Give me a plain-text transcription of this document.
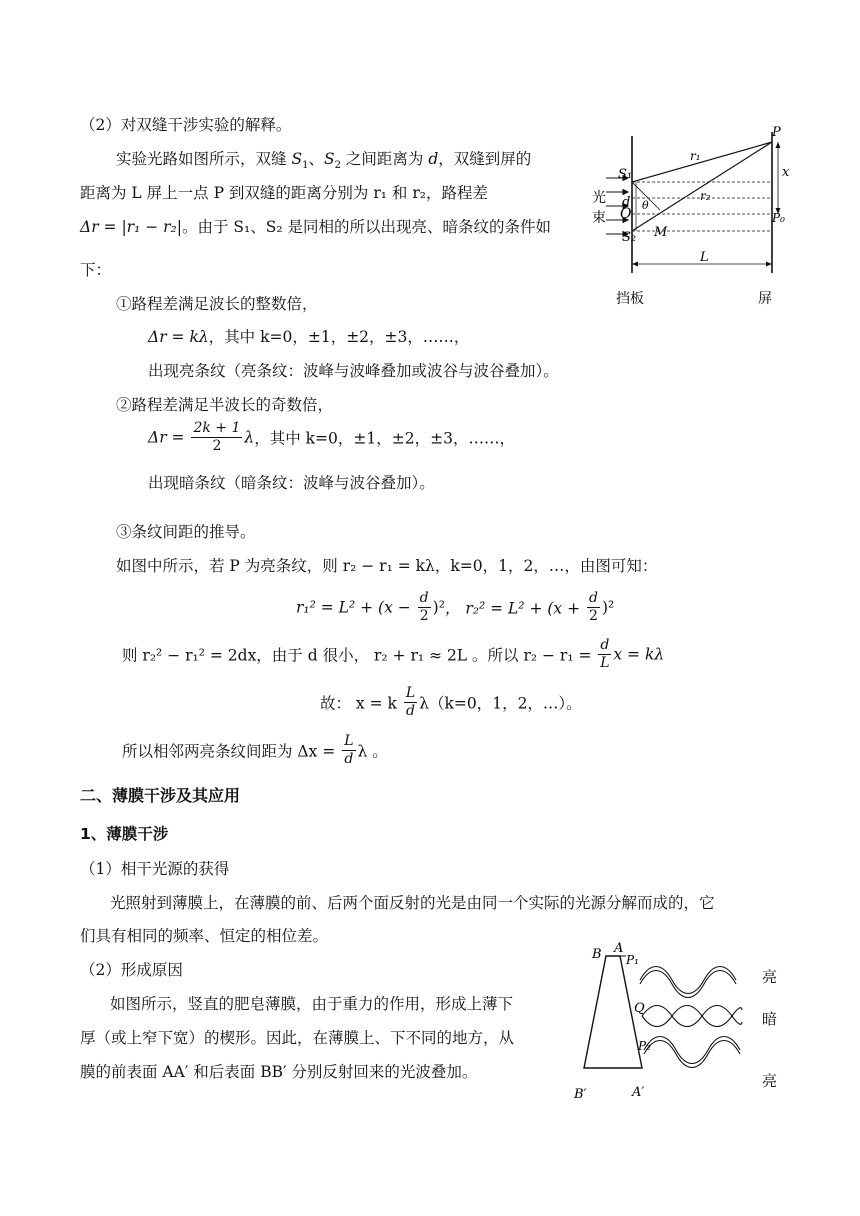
（2）对双缝干涉实验的解释。
实验光路如图所示，双缝 $S_1$、$S_2$ 之间距离为 d，双缝到屏的
距离为 L 屏上一点 P 到双缝的距离分别为 r₁ 和 r₂，路程差
Δr = |r₁ − r₂|。由于 S₁、S₂ 是同相的所以出现亮、暗条纹的条件如
下：
①路程差满足波长的整数倍，
Δr = kλ，其中 k=0，±1，±2，±3，……，
出现亮条纹（亮条纹：波峰与波峰叠加或波谷与波谷叠加）。
②路程差满足半波长的奇数倍，
$\Delta r = \frac{2k + 1}{2}$ λ，其中 k=0，±1，±2，±3，……，
出现暗条纹（暗条纹：波峰与波谷叠加）。
③条纹间距的推导。
如图中所示，若 P 为亮条纹，则 r₂ − r₁ = kλ，k=0，1，2，…，由图可知：
$r_1^2 = L^2 + (x - \frac{d}{2} )^2$， $r_2^2 = L^2 + (x + \frac{d}{2} )^2$
则 r₂² − r₁² = 2dx，由于 d 很小， r₂ + r₁ ≈ 2L 。所以 $r_2 - r_1 = \frac{d}{L}$ x = kλ
故： x = k $\frac{L}{d} \lambda(k=0$，1，2，…）。
所以相邻两亮条纹间距为 $\Delta x = \frac{L}{d}$ λ 。
二、薄膜干涉及其应用
1、薄膜干涉
（1）相干光源的获得
光照射到薄膜上，在薄膜的前、后两个面反射的光是由同一个实际的光源分解而成的，它
们具有相同的频率、恒定的相位差。
（2）形成原因
如图所示，竖直的肥皂薄膜，由于重力的作用，形成上薄下
厚（或上窄下宽）的楔形。因此，在薄膜上、下不同的地方，从
膜的前表面 AA′ 和后表面 BB′ 分别反射回来的光波叠加。
P
S₁
S₂
O
d θ
r₁
r₂
x
P₀
M
L
光
束
挡板	屏
B A
P₁
Q
P₂
B′	A′
亮
暗
亮
